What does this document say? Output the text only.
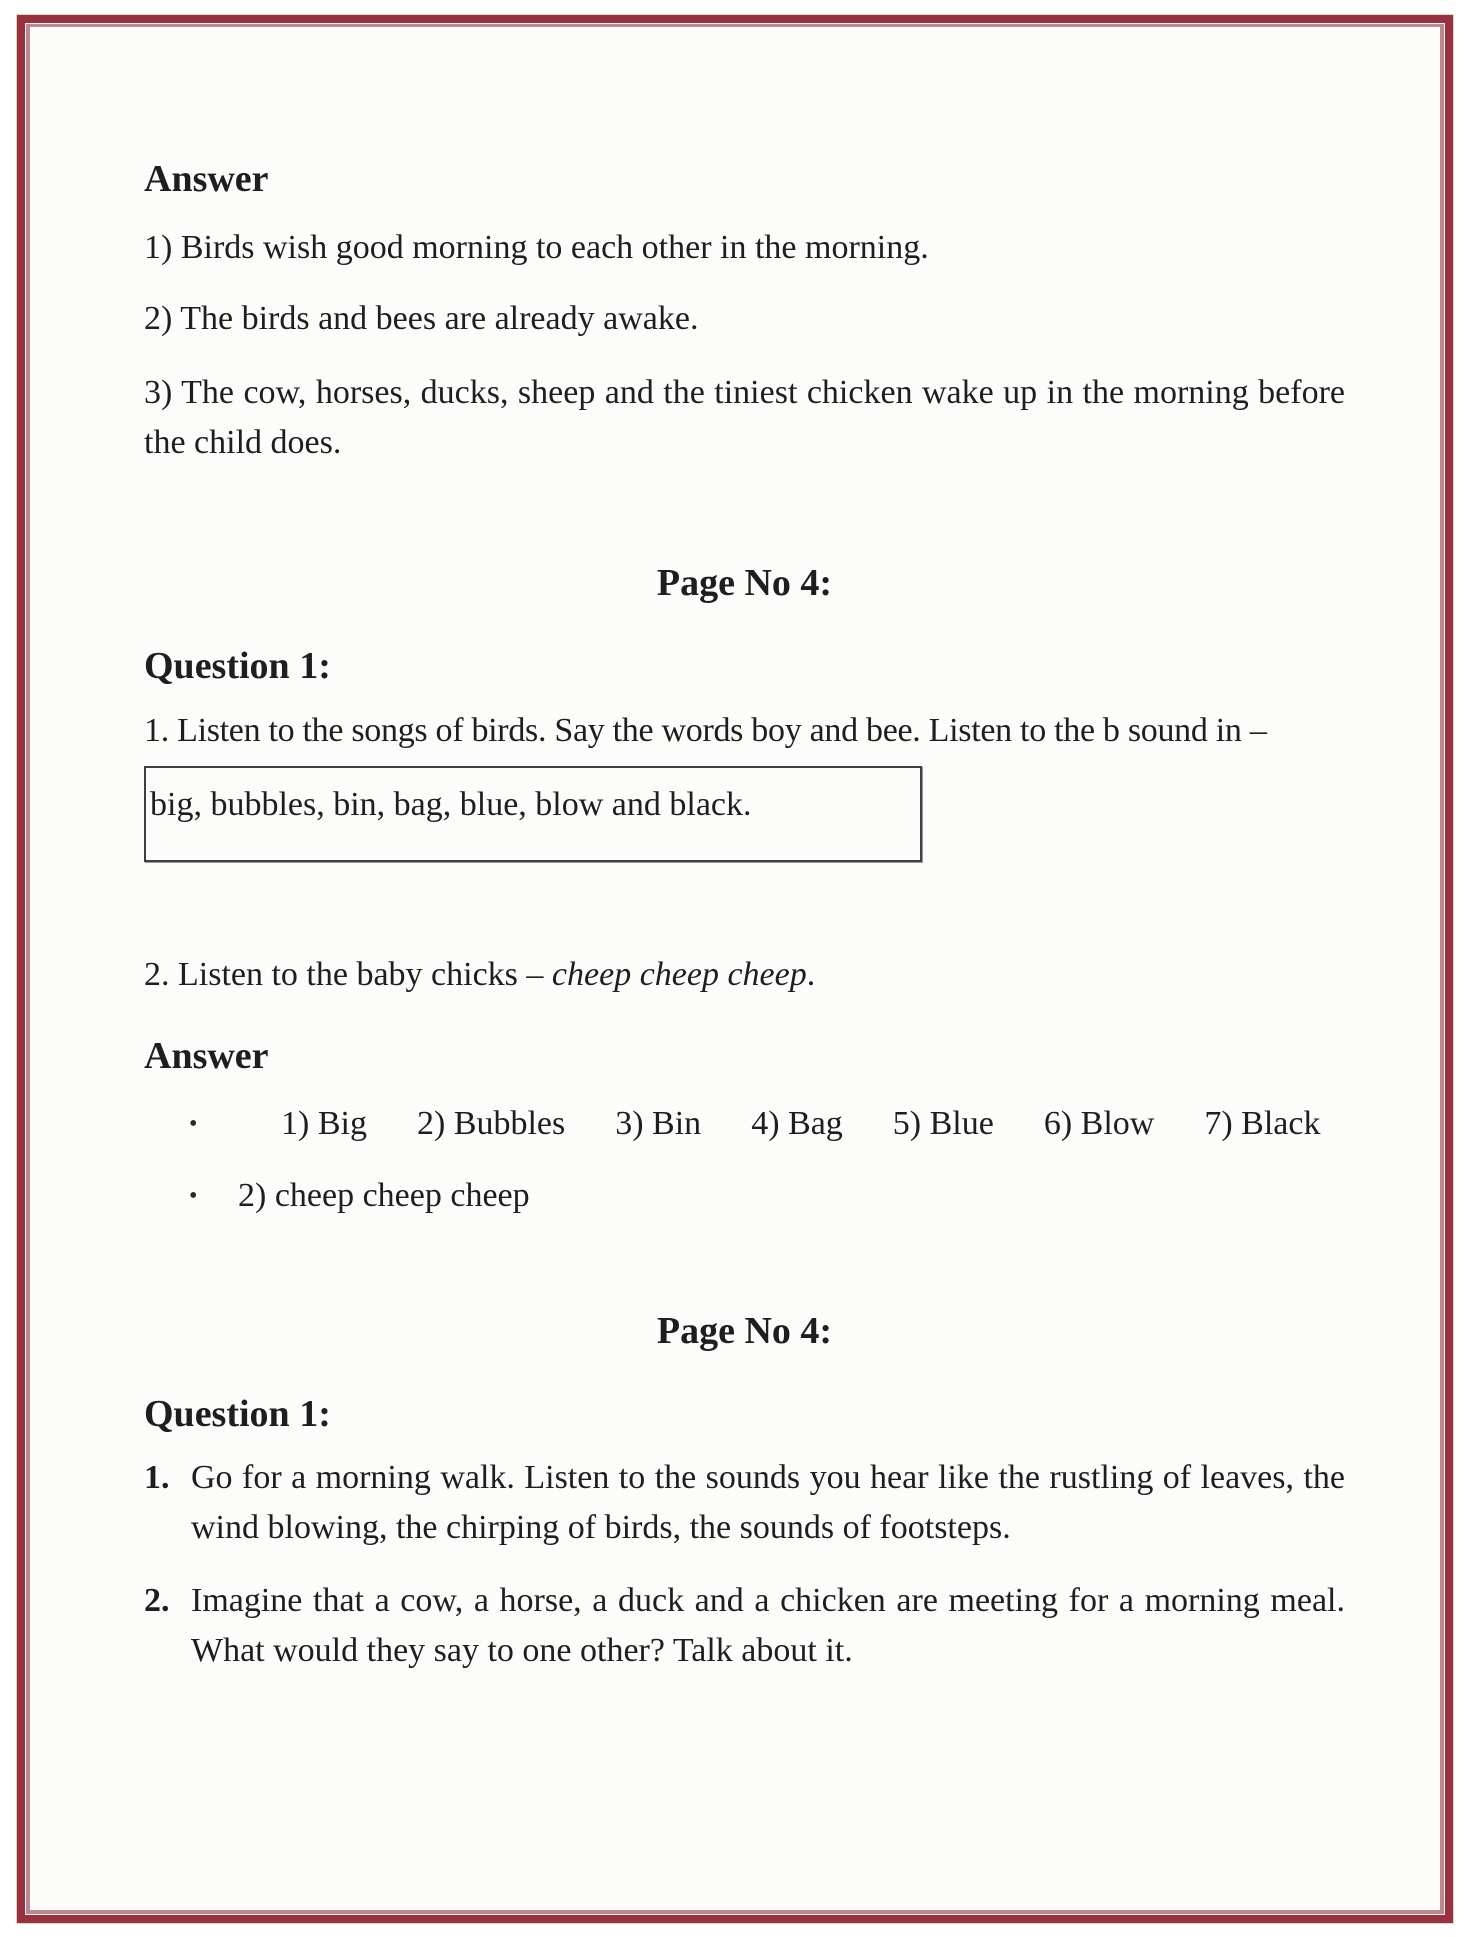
Answer

1) Birds wish good morning to each other in the morning.

2) The birds and bees are already awake.

3) The cow, horses, ducks, sheep and the tiniest chicken wake up in the morning before the child does.

Page No 4:
Question 1:

1. Listen to the songs of birds. Say the words boy and bee. Listen to the b sound in –

big, bubbles, bin, bag, blue, blow and black.

2. Listen to the baby chicks – cheep cheep cheep.

Answer
•	1) Big 2) Bubbles 3) Bin 4) Bag 5) Blue 6) Blow 7) Black
•	2) cheep cheep cheep
Page No 4:
Question 1:
1. Go for a morning walk. Listen to the sounds you hear like the rustling of leaves, the wind blowing, the chirping of birds, the sounds of footsteps.

2. Imagine that a cow, a horse, a duck and a chicken are meeting for a morning meal. What would they say to one other? Talk about it.
